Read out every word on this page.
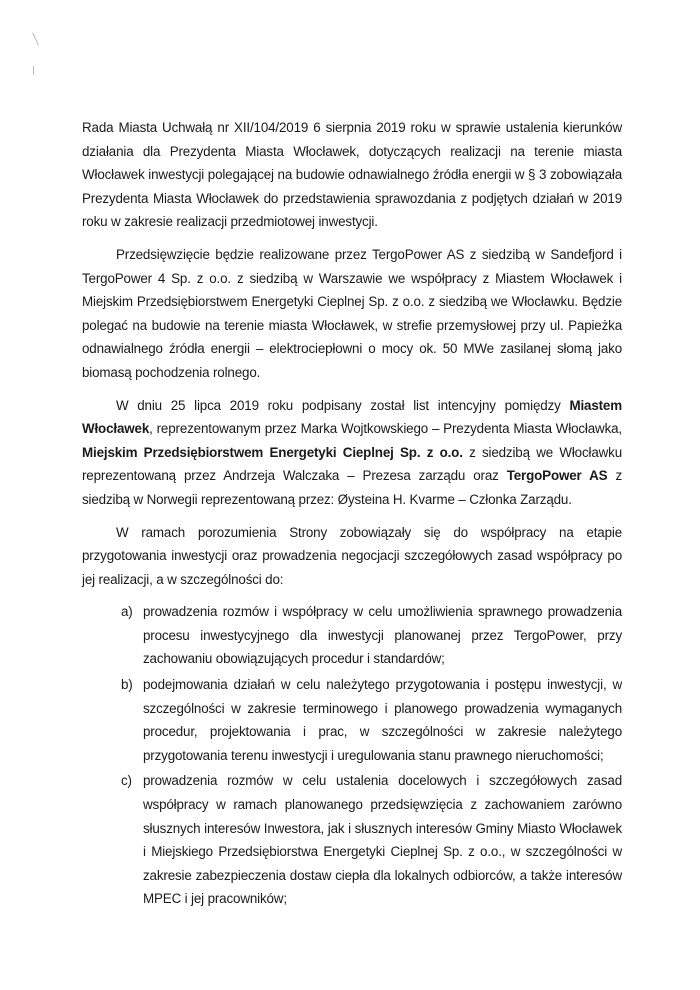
Rada Miasta Uchwałą nr XII/104/2019 6 sierpnia 2019 roku w sprawie ustalenia kierunków działania dla Prezydenta Miasta Włocławek, dotyczących realizacji na terenie miasta Włocławek inwestycji polegającej na budowie odnawialnego źródła energii w § 3 zobowiązała Prezydenta Miasta Włocławek do przedstawienia sprawozdania z podjętych działań w 2019 roku w zakresie realizacji przedmiotowej inwestycji.

Przedsięwzięcie będzie realizowane przez TergoPower AS z siedzibą w Sandefjord i TergoPower 4 Sp. z o.o. z siedzibą w Warszawie we współpracy z Miastem Włocławek i Miejskim Przedsiębiorstwem Energetyki Cieplnej Sp. z o.o. z siedzibą we Włocławku. Będzie polegać na budowie na terenie miasta Włocławek, w strefie przemysłowej przy ul. Papieżka odnawialnego źródła energii – elektrociepłowni o mocy ok. 50 MWe zasilanej słomą jako biomasą pochodzenia rolnego.

W dniu 25 lipca 2019 roku podpisany został list intencyjny pomiędzy Miastem Włocławek, reprezentowanym przez Marka Wojtkowskiego – Prezydenta Miasta Włocławka, Miejskim Przedsiębiorstwem Energetyki Cieplnej Sp. z o.o. z siedzibą we Włocławku reprezentowaną przez Andrzeja Walczaka – Prezesa zarządu oraz TergoPower AS z siedzibą w Norwegii reprezentowaną przez: Øysteina H. Kvarme – Członka Zarządu.

W ramach porozumienia Strony zobowiązały się do współpracy na etapie przygotowania inwestycji oraz prowadzenia negocjacji szczegółowych zasad współpracy po jej realizacji, a w szczególności do:

a) prowadzenia rozmów i współpracy w celu umożliwienia sprawnego prowadzenia procesu inwestycyjnego dla inwestycji planowanej przez TergoPower, przy zachowaniu obowiązujących procedur i standardów;
b) podejmowania działań w celu należytego przygotowania i postępu inwestycji, w szczególności w zakresie terminowego i planowego prowadzenia wymaganych procedur, projektowania i prac, w szczególności w zakresie należytego przygotowania terenu inwestycji i uregulowania stanu prawnego nieruchomości;
c) prowadzenia rozmów w celu ustalenia docelowych i szczegółowych zasad współpracy w ramach planowanego przedsięwzięcia z zachowaniem zarówno słusznych interesów Inwestora, jak i słusznych interesów Gminy Miasto Włocławek i Miejskiego Przedsiębiorstwa Energetyki Cieplnej Sp. z o.o., w szczególności w zakresie zabezpieczenia dostaw ciepła dla lokalnych odbiorców, a także interesów MPEC i jej pracowników;
